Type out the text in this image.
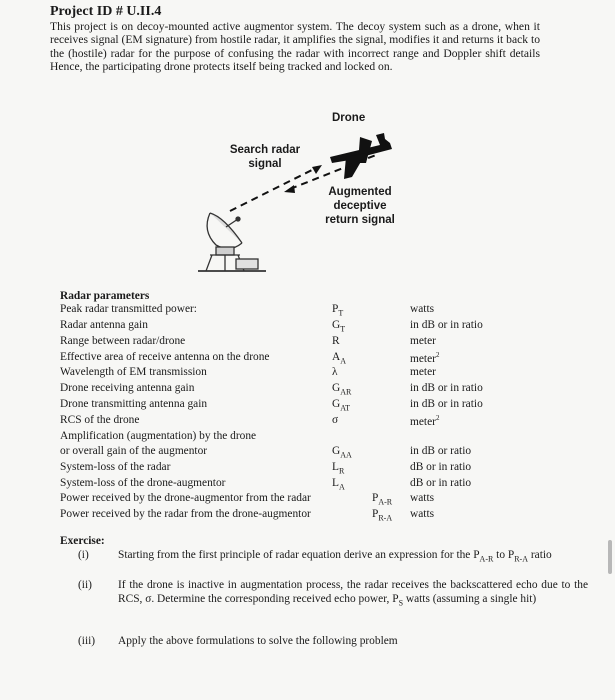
Project ID # U.II.4
This project is on decoy-mounted active augmentor system. The decoy system such as a drone, when it receives signal (EM signature) from hostile radar, it amplifies the signal, modifies it and returns it back to the (hostile) radar for the purpose of confusing the radar with incorrect range and Doppler shift details Hence, the participating drone protects itself being tracked and locked on.
Drone
Search radar
signal
Augmented
deceptive
return signal
Radar parameters
Peak radar transmitted power:	$P_T$	watts
Radar antenna gain	$G_T$	in dB or in ratio
Range between radar/drone	R	meter
Effective area of receive antenna on the drone	$A_A$	meter$^2$
Wavelength of EM transmission	λ	meter
Drone receiving antenna gain	$G_{AR}$	in dB or in ratio
Drone transmitting antenna gain	$G_{AT}$	in dB or in ratio
RCS of the drone	σ	meter$^2$
Amplification (augmentation) by the drone
or overall gain of the augmentor	$G_{AA}$	in dB or ratio
System-loss of the radar	$L_R$	dB or in ratio
System-loss of the drone-augmentor	$L_A$	dB or in ratio
Power received by the drone-augmentor from the radar	$P_{A-R}$ watts
Power received by the radar from the drone-augmentor	$P_{R-A}$ watts
Exercise:
(i)	Starting from the first principle of radar equation derive an expression for the $P_{A-R}$ to $P_{R-A}$ ratio
(ii) If the drone is inactive in augmentation process, the radar receives the backscattered echo due to the RCS, σ. Determine the corresponding received echo power, $P_S$ watts (assuming a single hit)
(iii) Apply the above formulations to solve the following problem
